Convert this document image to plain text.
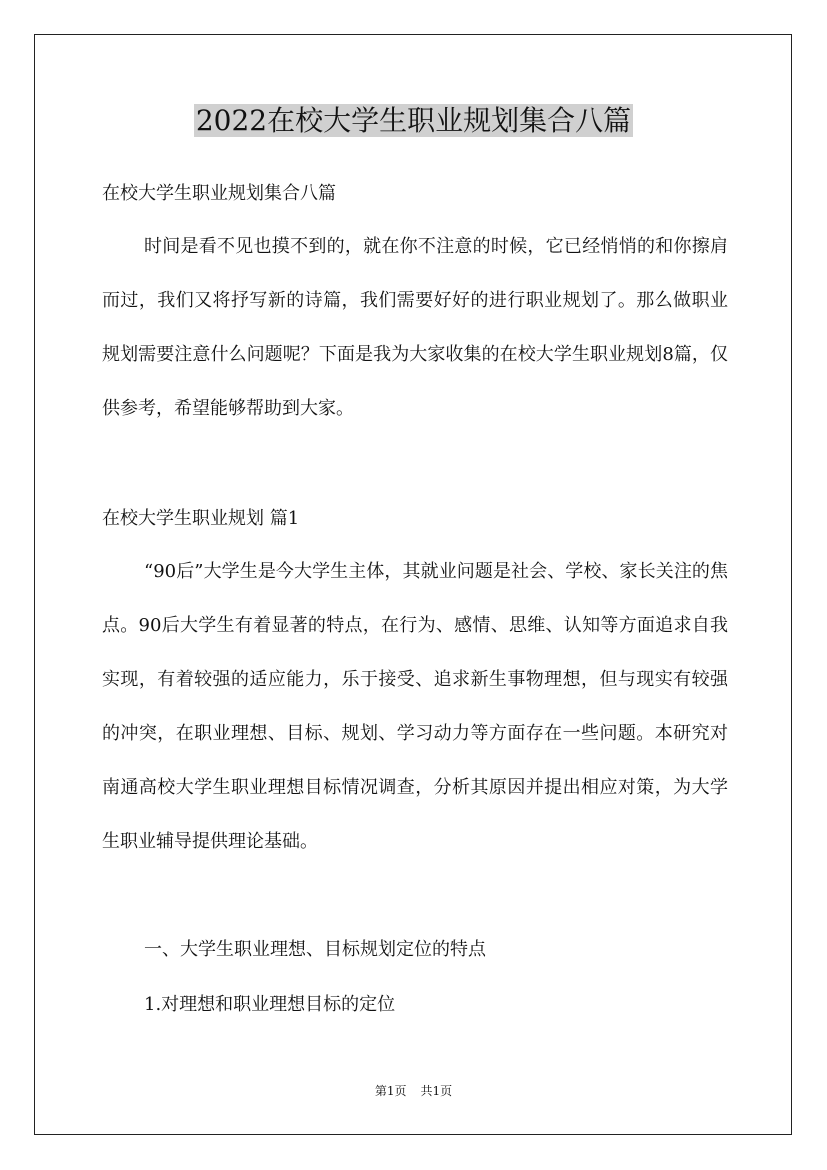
2022在校大学生职业规划集合八篇

在校大学生职业规划集合八篇

时间是看不见也摸不到的，就在你不注意的时候，它已经悄悄的和你擦肩而过，我们又将抒写新的诗篇，我们需要好好的进行职业规划了。那么做职业规划需要注意什么问题呢？下面是我为大家收集的在校大学生职业规划8篇，仅供参考，希望能够帮助到大家。

在校大学生职业规划 篇1

“90后”大学生是今大学生主体，其就业问题是社会、学校、家长关注的焦点。90后大学生有着显著的特点，在行为、感情、思维、认知等方面追求自我实现，有着较强的适应能力，乐于接受、追求新生事物理想，但与现实有较强的冲突，在职业理想、目标、规划、学习动力等方面存在一些问题。本研究对南通高校大学生职业理想目标情况调查，分析其原因并提出相应对策，为大学生职业辅导提供理论基础。

一、大学生职业理想、目标规划定位的特点

1.对理想和职业理想目标的定位

第1页 共1页
